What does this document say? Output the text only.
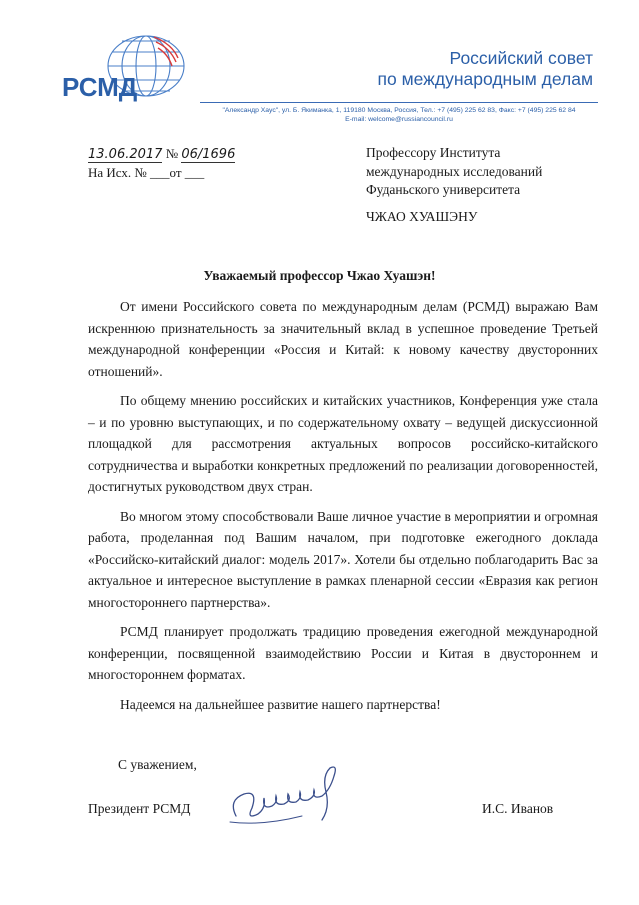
РСМД
Российский совет
по международным делам
"Александр Хаус", ул. Б. Якиманка, 1, 119180 Москва, Россия, Тел.: +7 (495) 225 62 83, Факс: +7 (495) 225 62 84
E-mail: welcome@russiancouncil.ru
13.06.2017 № 06/1696
На Исх. № ___от ___
Профессору Института
международных исследований
Фуданьского университета
ЧЖАО ХУАШЭНУ
Уважаемый профессор Чжао Хуашэн!

От имени Российского совета по международным делам (РСМД) выражаю Вам искреннюю признательность за значительный вклад в успешное проведение Третьей международной конференции «Россия и Китай: к новому качеству двусторонних отношений».

По общему мнению российских и китайских участников, Конференция уже стала – и по уровню выступающих, и по содержательному охвату – ведущей дискуссионной площадкой для рассмотрения актуальных вопросов российско-китайского сотрудничества и выработки конкретных предложений по реализации договоренностей, достигнутых руководством двух стран.

Во многом этому способствовали Ваше личное участие в мероприятии и огромная работа, проделанная под Вашим началом, при подготовке ежегодного доклада «Российско-китайский диалог: модель 2017». Хотели бы отдельно поблагодарить Вас за актуальное и интересное выступление в рамках пленарной сессии «Евразия как регион многостороннего партнерства».

РСМД планирует продолжать традицию проведения ежегодной международной конференции, посвященной взаимодействию России и Китая в двустороннем и многостороннем форматах.

Надеемся на дальнейшее развитие нашего партнерства!

С уважением,
Президент РСМД	И.С. Иванов
